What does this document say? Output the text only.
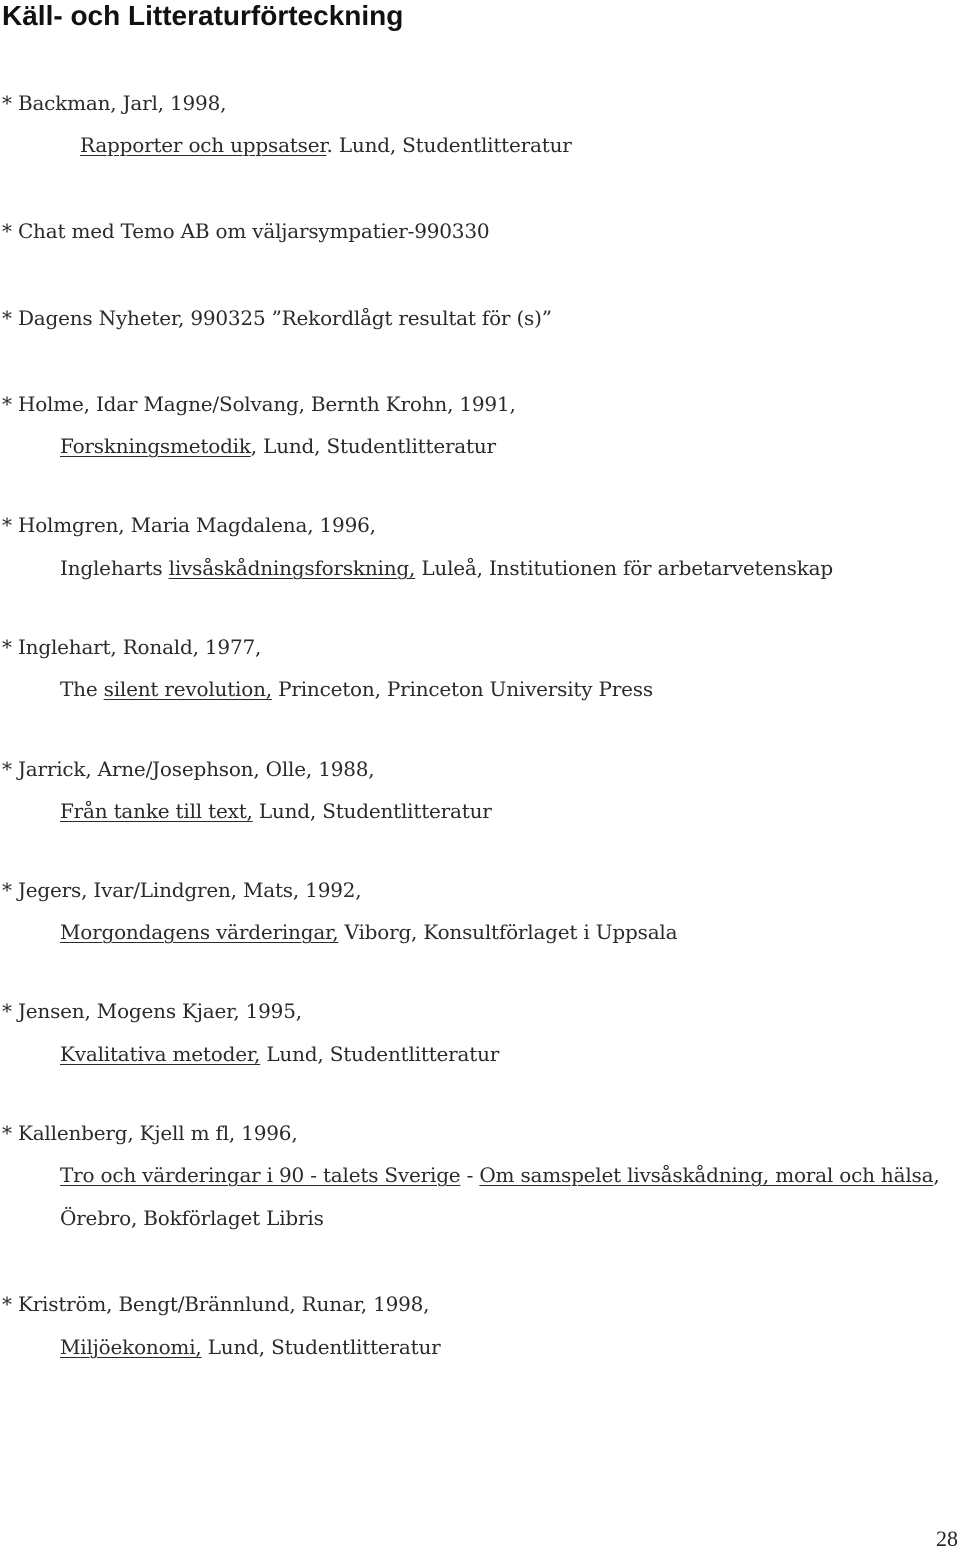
Käll- och Litteraturförteckning
* Backman, Jarl, 1998,
Rapporter och uppsatser. Lund, Studentlitteratur
* Chat med Temo AB om väljarsympatier-990330
* Dagens Nyheter, 990325 ”Rekordlågt resultat för (s)”
* Holme, Idar Magne/Solvang, Bernth Krohn, 1991,
Forskningsmetodik, Lund, Studentlitteratur
* Holmgren, Maria Magdalena, 1996,
Ingleharts livsåskådningsforskning, Luleå, Institutionen för arbetarvetenskap
* Inglehart, Ronald, 1977,
The silent revolution, Princeton, Princeton University Press
* Jarrick, Arne/Josephson, Olle, 1988,
Från tanke till text, Lund, Studentlitteratur
* Jegers, Ivar/Lindgren, Mats, 1992,
Morgondagens värderingar, Viborg, Konsultförlaget i Uppsala
* Jensen, Mogens Kjaer, 1995,
Kvalitativa metoder, Lund, Studentlitteratur
* Kallenberg, Kjell m fl, 1996,
Tro och värderingar i 90 - talets Sverige - Om samspelet livsåskådning, moral och hälsa,
Örebro, Bokförlaget Libris
* Kriström, Bengt/Brännlund, Runar, 1998,
Miljöekonomi, Lund, Studentlitteratur
28
